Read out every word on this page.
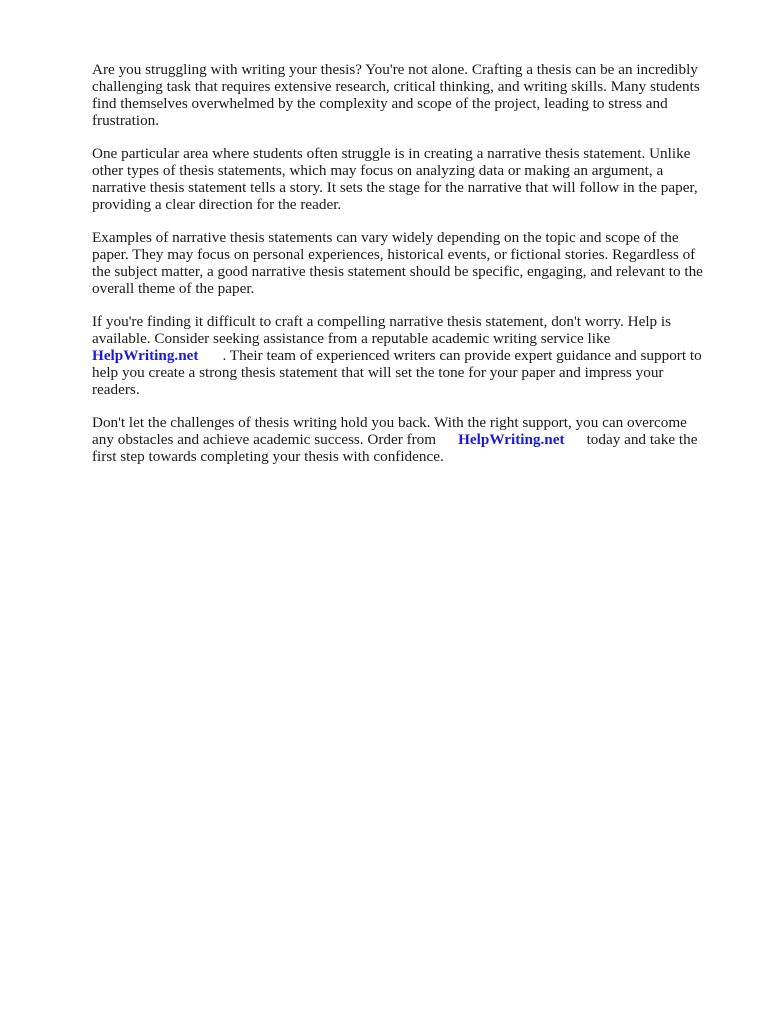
Are you struggling with writing your thesis? You're not alone. Crafting a thesis can be an incredibly
challenging task that requires extensive research, critical thinking, and writing skills. Many students
find themselves overwhelmed by the complexity and scope of the project, leading to stress and
frustration.
One particular area where students often struggle is in creating a narrative thesis statement. Unlike
other types of thesis statements, which may focus on analyzing data or making an argument, a
narrative thesis statement tells a story. It sets the stage for the narrative that will follow in the paper,
providing a clear direction for the reader.
Examples of narrative thesis statements can vary widely depending on the topic and scope of the
paper. They may focus on personal experiences, historical events, or fictional stories. Regardless of
the subject matter, a good narrative thesis statement should be specific, engaging, and relevant to the
overall theme of the paper.
If you're finding it difficult to craft a compelling narrative thesis statement, don't worry. Help is
available. Consider seeking assistance from a reputable academic writing service like
HelpWriting.net . Their team of experienced writers can provide expert guidance and support to
help you create a strong thesis statement that will set the tone for your paper and impress your
readers.
Don't let the challenges of thesis writing hold you back. With the right support, you can overcome
any obstacles and achieve academic success. Order from HelpWriting.net today and take the
first step towards completing your thesis with confidence.
